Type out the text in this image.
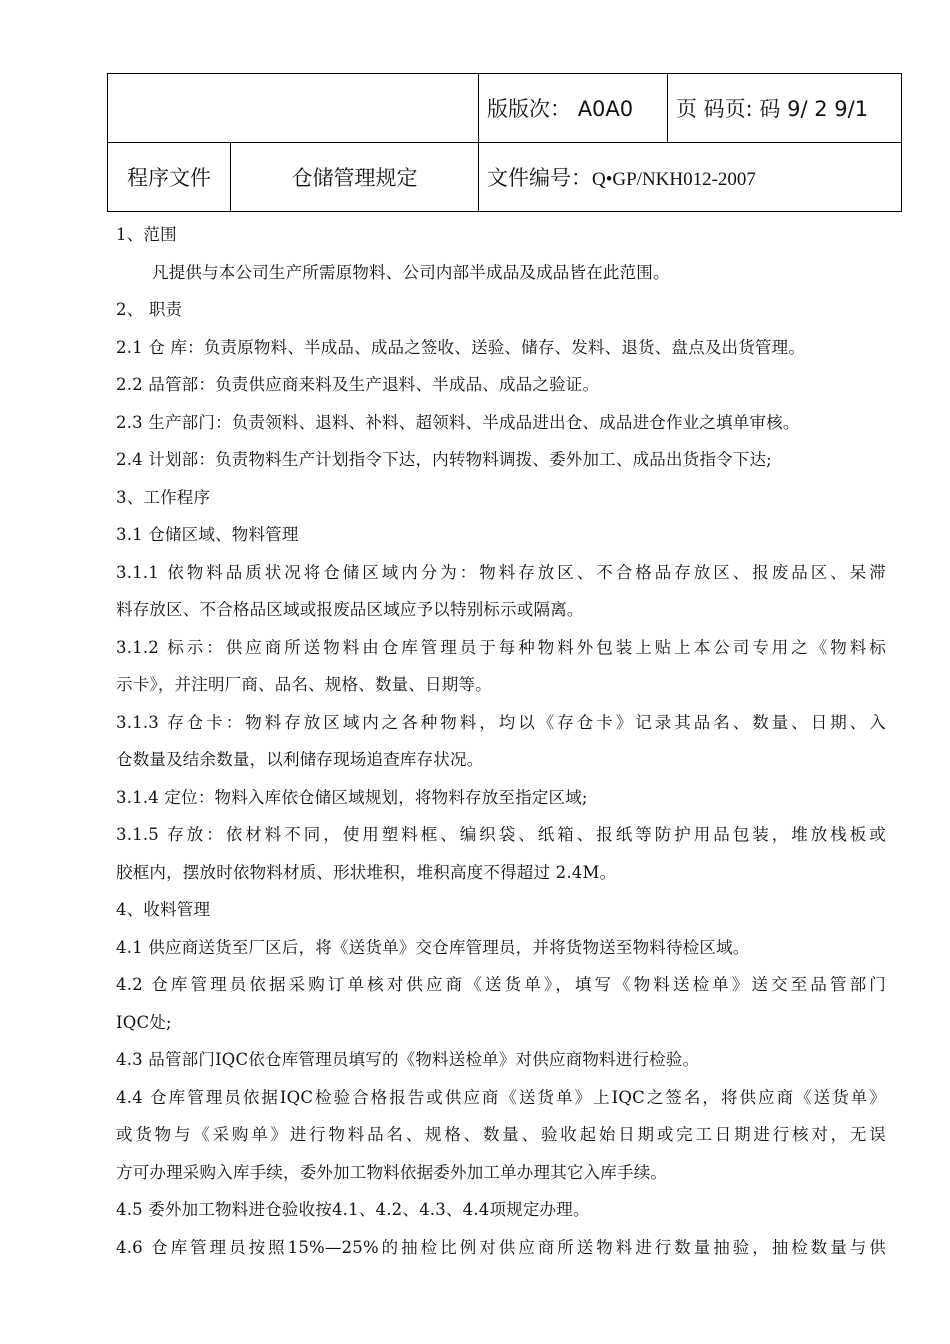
		版版次： A0A0	页 码页: 码 9/ 2 9/1
程序文件	仓储管理规定	文件编号：Q•GP/NKH012-2007	
1、范围
凡提供与本公司生产所需原物料、公司内部半成品及成品皆在此范围。
2、 职责
2.1 仓 库：负责原物料、半成品、成品之签收、送验、储存、发料、退货、盘点及出货管理。
2.2 品管部：负责供应商来料及生产退料、半成品、成品之验证。
2.3 生产部门：负责领料、退料、补料、超领料、半成品进出仓、成品进仓作业之填单审核。
2.4 计划部：负责物料生产计划指令下达，内转物料调拨、委外加工、成品出货指令下达;
3、工作程序
3.1 仓储区域、物料管理
3.1.1 依物料品质状况将仓储区域内分为：物料存放区、不合格品存放区、报废品区、呆滞
料存放区、不合格品区域或报废品区域应予以特别标示或隔离。
3.1.2 标示：供应商所送物料由仓库管理员于每种物料外包装上贴上本公司专用之《物料标
示卡》，并注明厂商、品名、规格、数量、日期等。
3.1.3 存仓卡：物料存放区域内之各种物料，均以《存仓卡》记录其品名、数量、日期、入
仓数量及结余数量，以利储存现场追查库存状况。
3.1.4 定位：物料入库依仓储区域规划，将物料存放至指定区域;
3.1.5 存放：依材料不同，使用塑料框、编织袋、纸箱、报纸等防护用品包装，堆放栈板或
胶框内，摆放时依物料材质、形状堆积，堆积高度不得超过 2.4M。
4、收料管理
4.1 供应商送货至厂区后，将《送货单》交仓库管理员，并将货物送至物料待检区域。
4.2 仓库管理员依据采购订单核对供应商《送货单》，填写《物料送检单》送交至品管部门
IQC处;
4.3 品管部门IQC依仓库管理员填写的《物料送检单》对供应商物料进行检验。
4.4 仓库管理员依据IQC检验合格报告或供应商《送货单》上IQC之签名，将供应商《送货单》
或货物与《采购单》进行物料品名、规格、数量、验收起始日期或完工日期进行核对，无误
方可办理采购入库手续，委外加工物料依据委外加工单办理其它入库手续。
4.5 委外加工物料进仓验收按4.1、4.2、4.3、4.4项规定办理。
4.6 仓库管理员按照15%—25%的抽检比例对供应商所送物料进行数量抽验，抽检数量与供
